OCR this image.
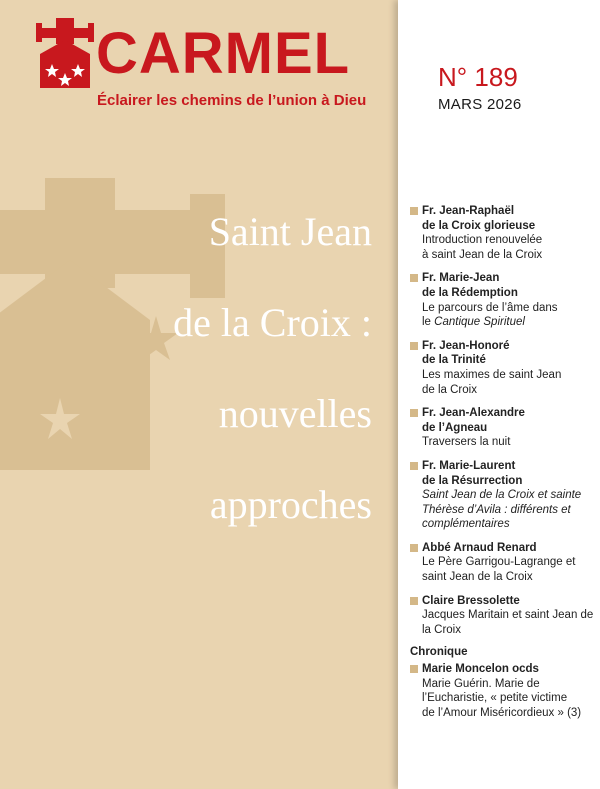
CARMEL
Éclairer les chemins de l’union à Dieu
N° 189
MARS 2026
Saint Jean
de la Croix :
nouvelles
approches
Fr. Jean-Raphaël
de la Croix glorieuse
Introduction renouvelée
à saint Jean de la Croix
Fr. Marie-Jean
de la Rédemption
Le parcours de l’âme dans
le Cantique Spirituel
Fr. Jean-Honoré
de la Trinité
Les maximes de saint Jean
de la Croix
Fr. Jean-Alexandre
de l’Agneau
Traversers la nuit
Fr. Marie-Laurent
de la Résurrection
Saint Jean de la Croix et sainte
Thérèse d’Avila : différents et
complémentaires
Abbé Arnaud Renard
Le Père Garrigou-Lagrange et
saint Jean de la Croix
Claire Bressolette
Jacques Maritain et saint Jean de
la Croix
Chronique
Marie Moncelon ocds
Marie Guérin. Marie de
l’Eucharistie, « petite victime
de l’Amour Miséricordieux » (3)
